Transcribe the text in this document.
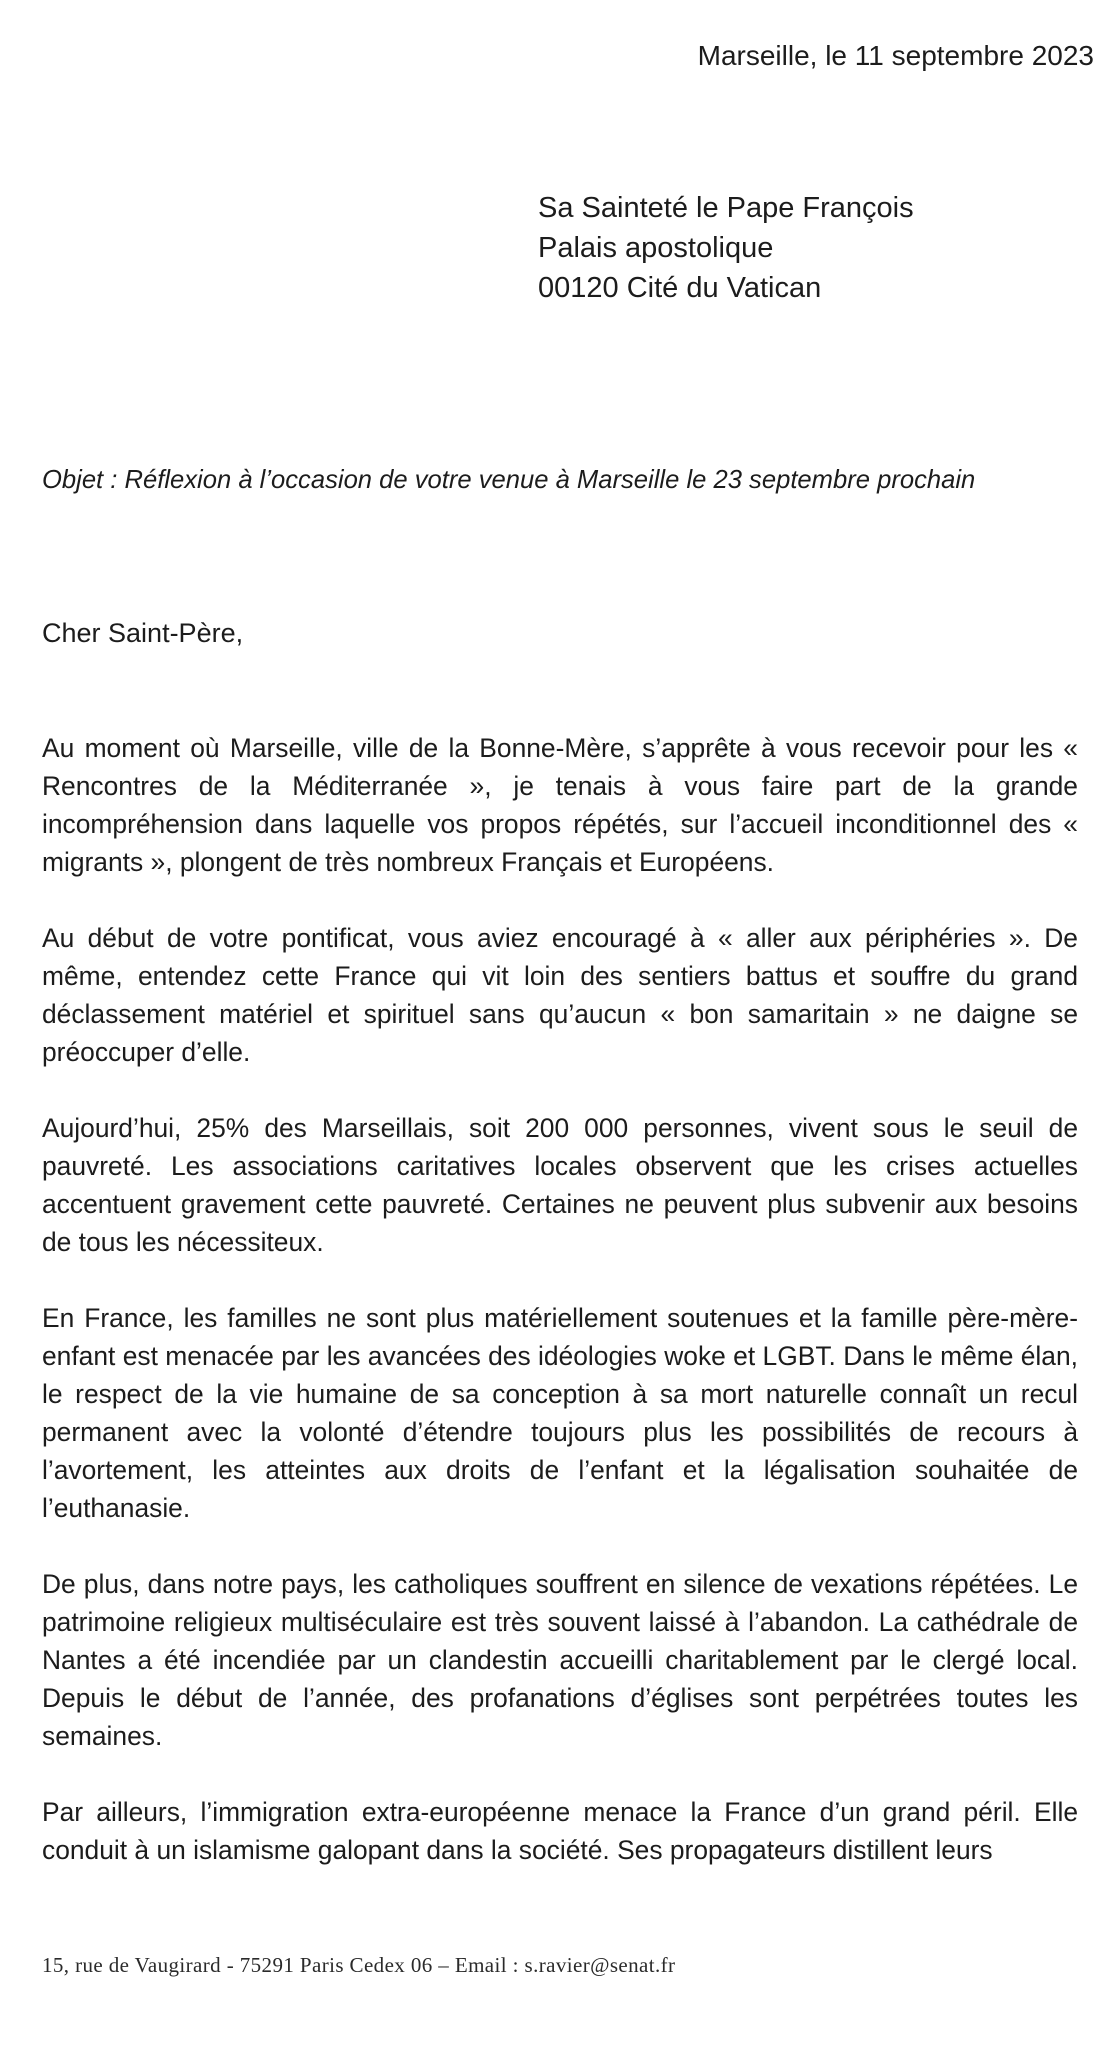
Marseille, le 11 septembre 2023
Sa Sainteté le Pape François
Palais apostolique
00120 Cité du Vatican
Objet : Réflexion à l’occasion de votre venue à Marseille le 23 septembre prochain
Cher Saint-Père,

Au moment où Marseille, ville de la Bonne-Mère, s’apprête à vous recevoir pour les « Rencontres de la Méditerranée », je tenais à vous faire part de la grande incompréhension dans laquelle vos propos répétés, sur l’accueil inconditionnel des « migrants », plongent de très nombreux Français et Européens.

Au début de votre pontificat, vous aviez encouragé à « aller aux périphéries ». De même, entendez cette France qui vit loin des sentiers battus et souffre du grand déclassement matériel et spirituel sans qu’aucun « bon samaritain » ne daigne se préoccuper d’elle.

Aujourd’hui, 25% des Marseillais, soit 200 000 personnes, vivent sous le seuil de pauvreté. Les associations caritatives locales observent que les crises actuelles accentuent gravement cette pauvreté. Certaines ne peuvent plus subvenir aux besoins de tous les nécessiteux.

En France, les familles ne sont plus matériellement soutenues et la famille père-mère-enfant est menacée par les avancées des idéologies woke et LGBT. Dans le même élan, le respect de la vie humaine de sa conception à sa mort naturelle connaît un recul permanent avec la volonté d’étendre toujours plus les possibilités de recours à l’avortement, les atteintes aux droits de l’enfant et la légalisation souhaitée de l’euthanasie.

De plus, dans notre pays, les catholiques souffrent en silence de vexations répétées. Le patrimoine religieux multiséculaire est très souvent laissé à l’abandon. La cathédrale de Nantes a été incendiée par un clandestin accueilli charitablement par le clergé local. Depuis le début de l’année, des profanations d’églises sont perpétrées toutes les semaines.

Par ailleurs, l’immigration extra-européenne menace la France d’un grand péril. Elle conduit à un islamisme galopant dans la société. Ses propagateurs distillent leurs

15, rue de Vaugirard - 75291 Paris Cedex 06 – Email : s.ravier@senat.fr
